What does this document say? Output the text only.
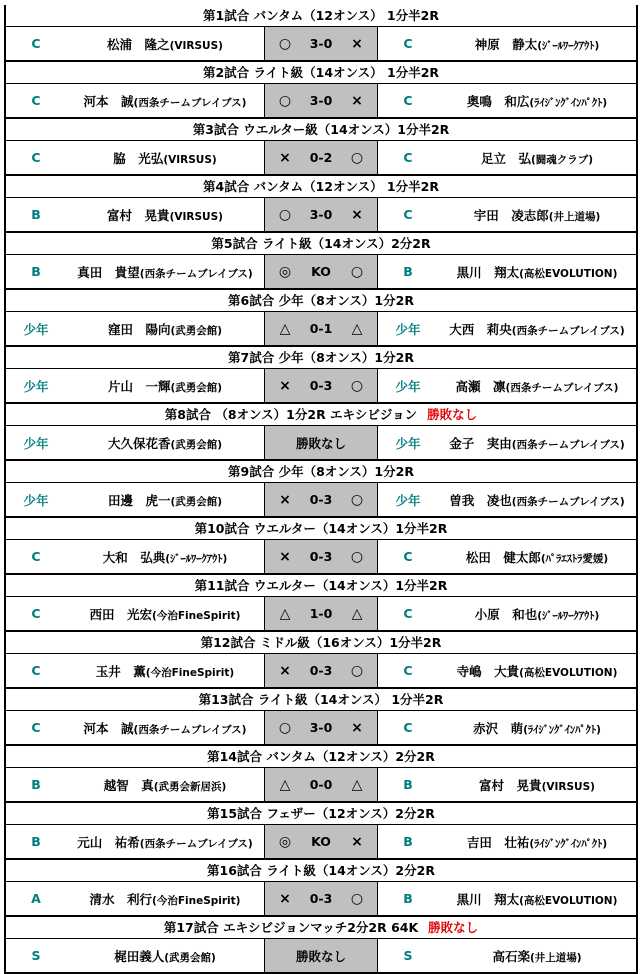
第1試合 バンタム（12オンス） 1分半2R
C	松浦　隆之(VIRSUS)	○ 3-0 ×	C	神原　静太(ｼﾞｰﾙﾜｰｸｱｳﾄ)
第2試合 ライト級（14オンス） 1分半2R
C	河本　誠(西条チームブレイブス)	○ 3-0 ×	C	奥鳴　和広(ﾗｲｼﾞﾝｸﾞｲﾝﾊﾟｸﾄ)
第3試合 ウエルター級（14オンス）1分半2R
C	脇　光弘(VIRSUS)	× 0-2 ○	C	足立　弘(闘魂クラブ)
第4試合 バンタム（12オンス） 1分半2R
B	富村　晃貴(VIRSUS)	○ 3-0 ×	C	宇田　凌志郎(井上道場)
第5試合 ライト級（14オンス）2分2R
B	真田　貴望(西条チームブレイブス)	◎ KO ○	B	黒川　翔太(高松EVOLUTION)
第6試合 少年（8オンス）1分2R
少年	窪田　陽向(武勇会館)	△ 0-1 △	少年	大西　莉央(西条チームブレイブス)
第7試合 少年（8オンス）1分2R
少年	片山　一輝(武勇会館)	× 0-3 ○	少年	高瀬　凛(西条チームブレイブス)
第8試合 （8オンス）1分2R エキシビジョン 勝敗なし
少年	大久保花香(武勇会館)	勝敗なし	少年	金子　実由(西条チームブレイブス)
第9試合 少年（8オンス）1分2R
少年	田邊　虎一(武勇会館)	× 0-3 ○	少年	曽我　凌也(西条チームブレイブス)
第10試合 ウエルター（14オンス）1分半2R
C	大和　弘典(ｼﾞｰﾙﾜｰｸｱｳﾄ)	× 0-3 ○	C	松田　健太郎(ﾊﾟﾗｴｽﾄﾗ愛媛)
第11試合 ウエルター（14オンス）1分半2R
C	西田　光宏(今治FineSpirit)	△ 1-0 △	C	小原　和也(ｼﾞｰﾙﾜｰｸｱｳﾄ)
第12試合 ミドル級（16オンス）1分半2R
C	玉井　薫(今治FineSpirit)	× 0-3 ○	C	寺嶋　大貴(高松EVOLUTION)
第13試合 ライト級（14オンス） 1分半2R
C	河本　誠(西条チームブレイブス)	○ 3-0 ×	C	赤沢　萌(ﾗｲｼﾞﾝｸﾞｲﾝﾊﾟｸﾄ)
第14試合 バンタム（12オンス）2分2R
B	越智　真(武勇会新居浜)	△ 0-0 △	B	富村　晃貴(VIRSUS)
第15試合 フェザー（12オンス）2分2R
B	元山　祐希(西条チームブレイブス)	◎ KO ×	B	吉田　壮祐(ﾗｲｼﾞﾝｸﾞｲﾝﾊﾟｸﾄ)
第16試合 ライト級（14オンス）2分2R
A	清水　利行(今治FineSpirit)	× 0-3 ○	B	黒川　翔太(高松EVOLUTION)
第17試合 エキシビジョンマッチ2分2R 64K 勝敗なし
S	梶田義人(武勇会館)	勝敗なし	S	高石楽(井上道場)
